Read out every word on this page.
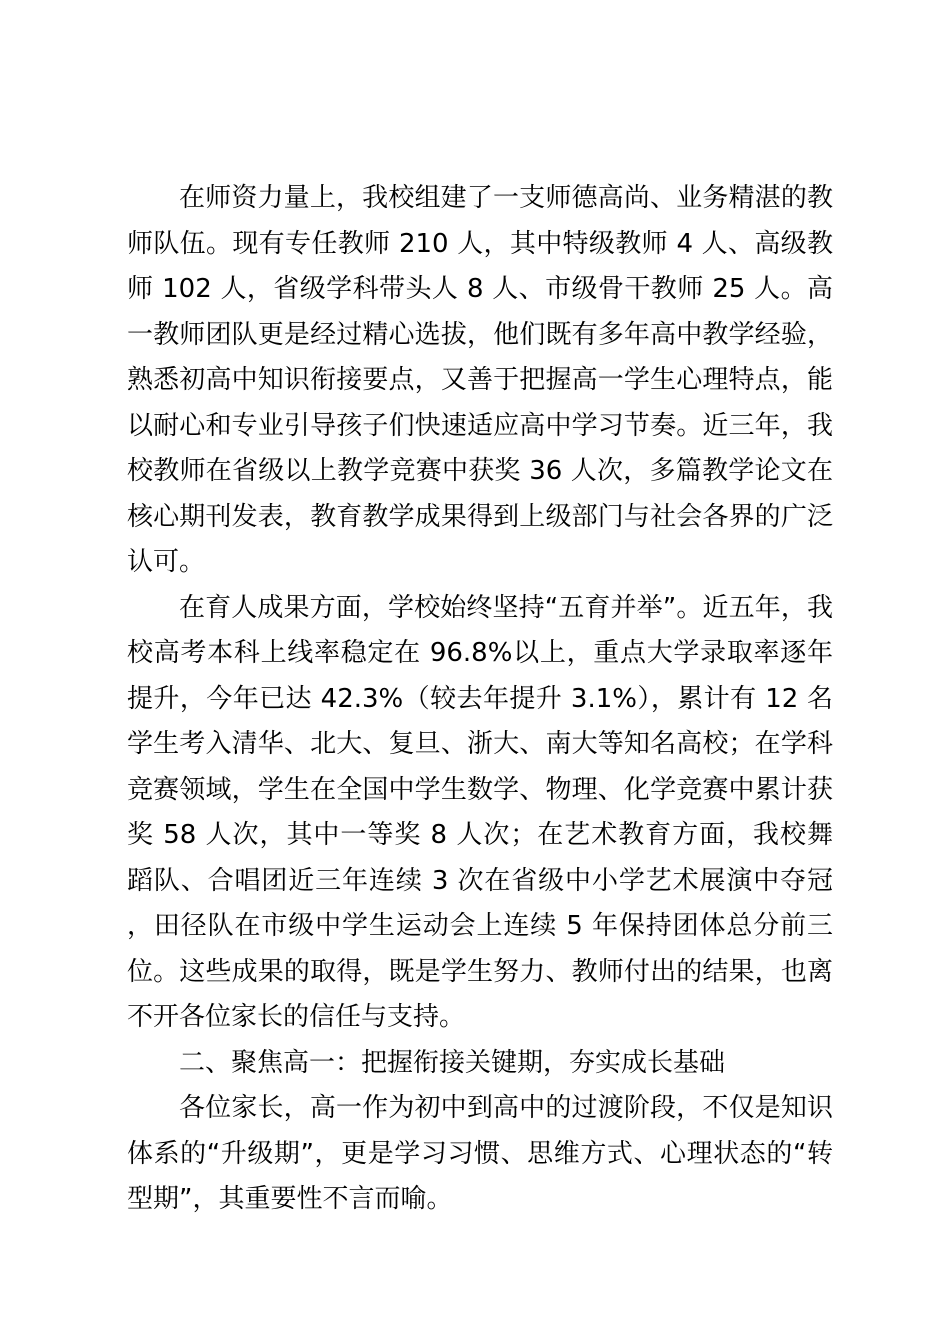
在师资力量上，我校组建了一支师德高尚、业务精湛的教师队伍。现有专任教师 210 人，其中特级教师 4 人、高级教师 102 人，省级学科带头人 8 人、市级骨干教师 25 人。高一教师团队更是经过精心选拔，他们既有多年高中教学经验，熟悉初高中知识衔接要点，又善于把握高一学生心理特点，能以耐心和专业引导孩子们快速适应高中学习节奏。近三年，我校教师在省级以上教学竞赛中获奖 36 人次，多篇教学论文在核心期刊发表，教育教学成果得到上级部门与社会各界的广泛认可。

在育人成果方面，学校始终坚持“五育并举”。近五年，我校高考本科上线率稳定在 96.8%以上，重点大学录取率逐年提升，今年已达 42.3%（较去年提升 3.1%），累计有 12 名学生考入清华、北大、复旦、浙大、南大等知名高校；在学科竞赛领域，学生在全国中学生数学、物理、化学竞赛中累计获奖 58 人次，其中一等奖 8 人次；在艺术教育方面，我校舞蹈队、合唱团近三年连续 3 次在省级中小学艺术展演中夺冠，田径队在市级中学生运动会上连续 5 年保持团体总分前三位。这些成果的取得，既是学生努力、教师付出的结果，也离不开各位家长的信任与支持。

二、聚焦高一：把握衔接关键期，夯实成长基础

各位家长，高一作为初中到高中的过渡阶段，不仅是知识体系的“升级期”，更是学习习惯、思维方式、心理状态的“转型期”，其重要性不言而喻。
